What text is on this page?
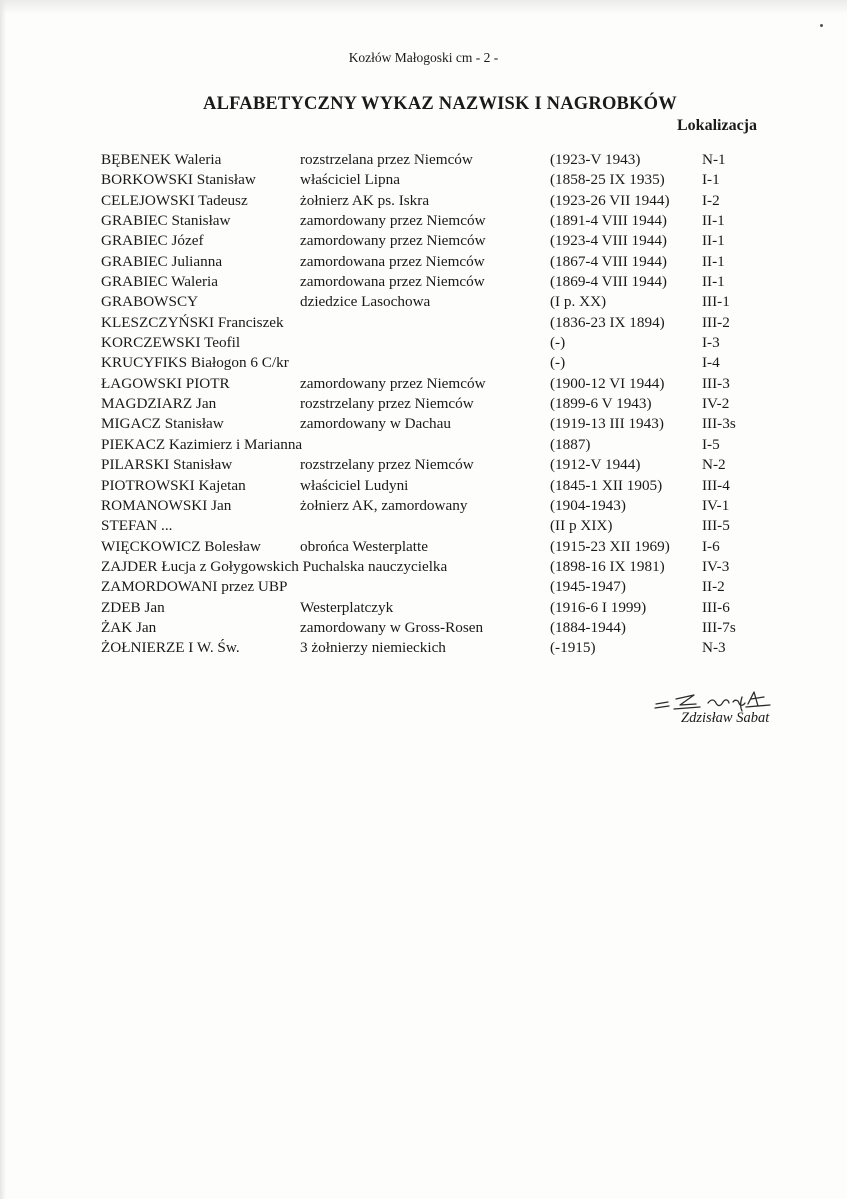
Kozłów Małogoski cm - 2 -
ALFABETYCZNY WYKAZ NAZWISK I NAGROBKÓW
Lokalizacja
BĘBENEK Waleria	rozstrzelana przez Niemców	(1923-V 1943)	N-1
BORKOWSKI Stanisław	właściciel Lipna	(1858-25 IX 1935) I-1
CELEJOWSKI Tadeusz	żołnierz AK ps. Iskra	(1923-26 VII 1944) I-2
GRABIEC Stanisław	zamordowany przez Niemców	(1891-4 VIII 1944) II-1
GRABIEC Józef	zamordowany przez Niemców	(1923-4 VIII 1944) II-1
GRABIEC Julianna	zamordowana przez Niemców	(1867-4 VIII 1944) II-1
GRABIEC Waleria	zamordowana przez Niemców	(1869-4 VIII 1944) II-1
GRABOWSCY	dziedzice Lasochowa	(I p. XX)	III-1
KLESZCZYŃSKI Franciszek	(1836-23 IX 1894) III-2
KORCZEWSKI Teofil	(-)	I-3
KRUCYFIKS Białogon 6 C/kr	(-)	I-4
ŁAGOWSKI PIOTR	zamordowany przez Niemców	(1900-12 VI 1944) III-3
MAGDZIARZ Jan	rozstrzelany przez Niemców	(1899-6 V 1943)	IV-2
MIGACZ Stanisław	zamordowany w Dachau	(1919-13 III 1943)	III-3s
PIEKACZ Kazimierz i Marianna	(1887)	I-5
PILARSKI Stanisław	rozstrzelany przez Niemców	(1912-V 1944)	N-2
PIOTROWSKI Kajetan	właściciel Ludyni	(1845-1 XII 1905)	III-4
ROMANOWSKI Jan	żołnierz AK, zamordowany	(1904-1943)	IV-1
STEFAN ...	(II p XIX)	III-5
WIĘCKOWICZ Bolesław	obrońca Westerplatte	(1915-23 XII 1969) I-6
ZAJDER Łucja z Gołygowskich Puchalska nauczycielka	(1898-16 IX 1981) IV-3
ZAMORDOWANI przez UBP	(1945-1947)	II-2
ZDEB Jan	Westerplatczyk	(1916-6 I 1999)	III-6
ŻAK Jan	zamordowany w Gross-Rosen	(1884-1944)	III-7s
ŻOŁNIERZE I W. Św.	3 żołnierzy niemieckich	(-1915)	N-3
Zdzisław Sabat
